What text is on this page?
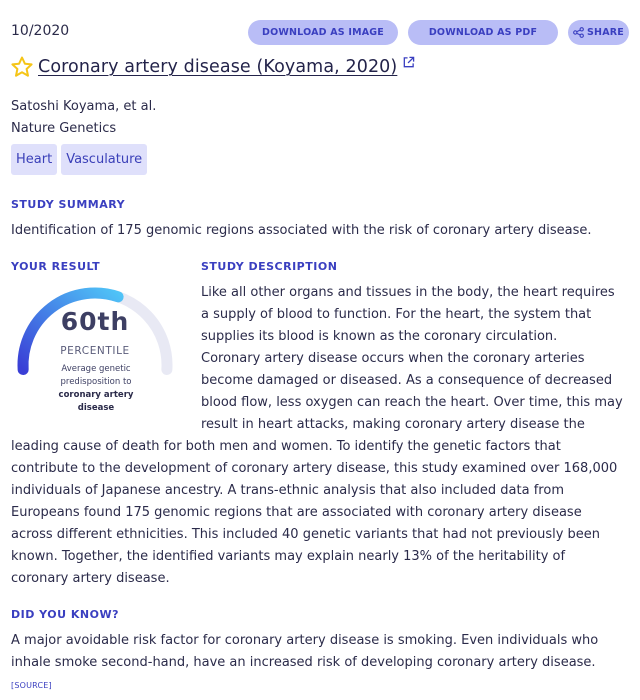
10/2020	DOWNLOAD AS IMAGE	DOWNLOAD AS PDF	SHARE
Coronary artery disease (Koyama, 2020)
Satoshi Koyama, et al.
Nature Genetics
Heart	Vasculature
STUDY SUMMARY
Identification of 175 genomic regions associated with the risk of coronary artery disease.
YOUR RESULT
60th
PERCENTILE
Average genetic predisposition to coronary artery disease
STUDY DESCRIPTION
Like all other organs and tissues in the body, the heart requires
a supply of blood to function. For the heart, the system that
supplies its blood is known as the coronary circulation.
Coronary artery disease occurs when the coronary arteries
become damaged or diseased. As a consequence of decreased
blood flow, less oxygen can reach the heart. Over time, this may
result in heart attacks, making coronary artery disease the
leading cause of death for both men and women. To identify the genetic factors that
contribute to the development of coronary artery disease, this study examined over 168,000
individuals of Japanese ancestry. A trans-ethnic analysis that also included data from
Europeans found 175 genomic regions that are associated with coronary artery disease
across different ethnicities. This included 40 genetic variants that had not previously been
known. Together, the identified variants may explain nearly 13% of the heritability of
coronary artery disease.
DID YOU KNOW?
A major avoidable risk factor for coronary artery disease is smoking. Even individuals who
inhale smoke second-hand, have an increased risk of developing coronary artery disease.
[SOURCE]
